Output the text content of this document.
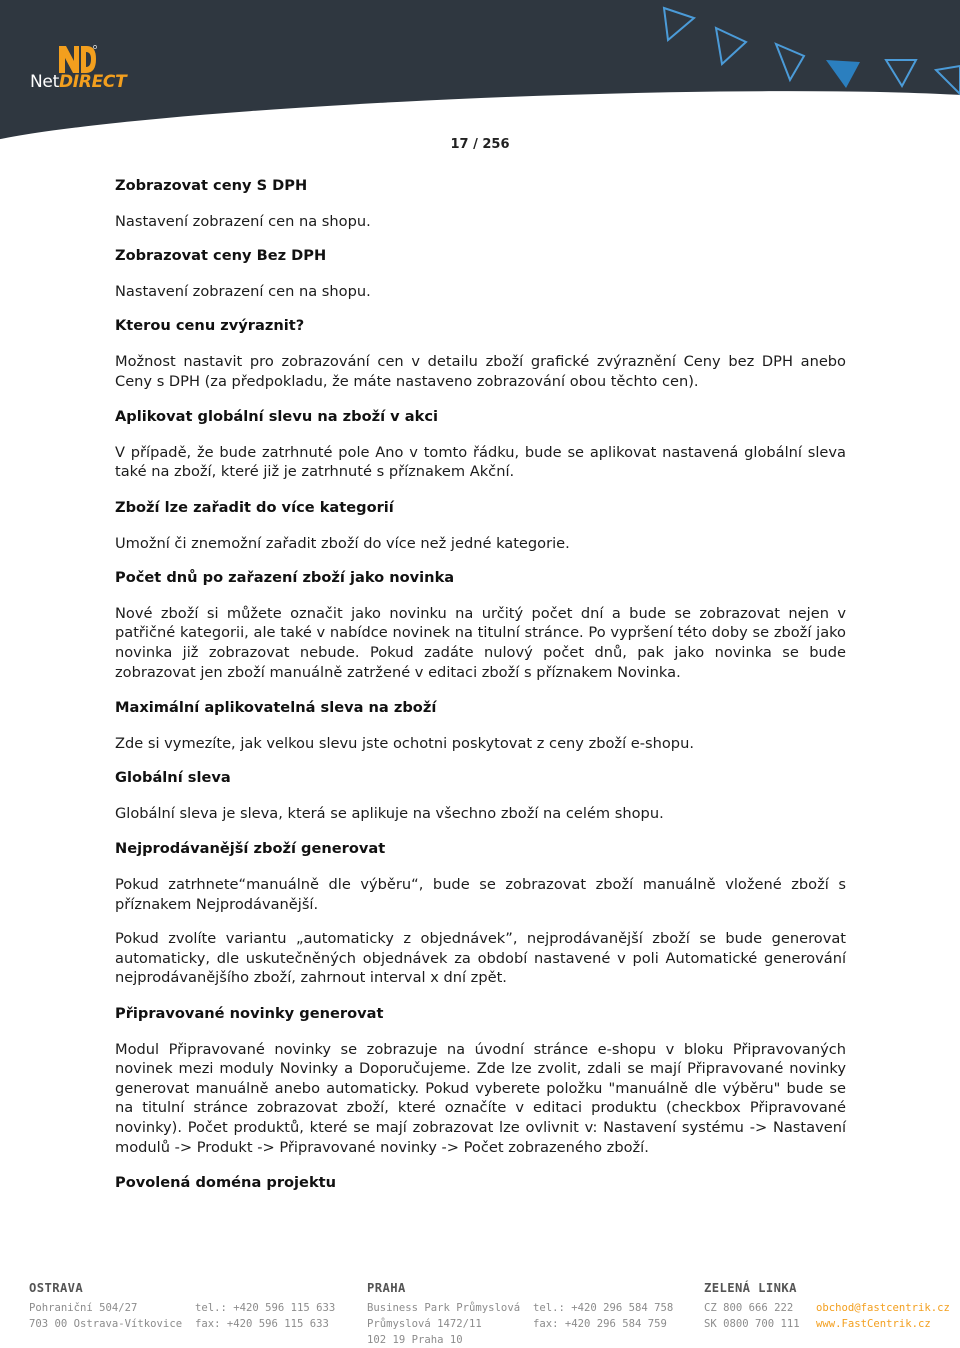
NetDIRECT
17 / 256
Zobrazovat ceny S DPH

Nastavení zobrazení cen na shopu.

Zobrazovat ceny Bez DPH

Nastavení zobrazení cen na shopu.

Kterou cenu zvýraznit?

Možnost nastavit pro zobrazování cen v detailu zboží grafické zvýraznění Ceny bez DPH anebo Ceny s DPH (za předpokladu, že máte nastaveno zobrazování obou těchto cen).

Aplikovat globální slevu na zboží v akci

V případě, že bude zatrhnuté pole Ano v tomto řádku, bude se aplikovat nastavená globální sleva také na zboží, které již je zatrhnuté s příznakem Akční.

Zboží lze zařadit do více kategorií

Umožní či znemožní zařadit zboží do více než jedné kategorie.

Počet dnů po zařazení zboží jako novinka

Nové zboží si můžete označit jako novinku na určitý počet dní a bude se zobrazovat nejen v patřičné kategorii, ale také v nabídce novinek na titulní stránce. Po vypršení této doby se zboží jako novinka již zobrazovat nebude. Pokud zadáte nulový počet dnů, pak jako novinka se bude zobrazovat jen zboží manuálně zatržené v editaci zboží s příznakem Novinka.

Maximální aplikovatelná sleva na zboží

Zde si vymezíte, jak velkou slevu jste ochotni poskytovat z ceny zboží e-shopu.

Globální sleva

Globální sleva je sleva, která se aplikuje na všechno zboží na celém shopu.

Nejprodávanější zboží generovat

Pokud zatrhnete“manuálně dle výběru“, bude se zobrazovat zboží manuálně vložené zboží s příznakem Nejprodávanější.

Pokud zvolíte variantu „automaticky z objednávek”, nejprodávanější zboží se bude generovat automaticky, dle uskutečněných objednávek za období nastavené v poli Automatické generování nejprodávanějšího zboží, zahrnout interval x dní zpět.

Připravované novinky generovat

Modul Připravované novinky se zobrazuje na úvodní stránce e-shopu v bloku Připravovaných novinek mezi moduly Novinky a Doporučujeme. Zde lze zvolit, zdali se mají Připravované novinky generovat manuálně anebo automaticky. Pokud vyberete položku "manuálně dle výběru" bude se na titulní stránce zobrazovat zboží, které označíte v editaci produktu (checkbox Připravované novinky). Počet produktů, které se mají zobrazovat lze ovlivnit v: Nastavení systému -> Nastavení modulů -> Produkt -> Připravované novinky -> Počet zobrazeného zboží.

Povolená doména projektu
OSTRAVA
Pohraniční 504/27
703 00 Ostrava-Vítkovice

tel.: +420 596 115 633
fax: +420 596 115 633
PRAHA
Business Park Průmyslová
Průmyslová 1472/11
102 19 Praha 10

tel.: +420 296 584 758
fax: +420 296 584 759
ZELENÁ LINKA
CZ 800 666 222
SK 0800 700 111

obchod@fastcentrik.cz
www.FastCentrik.cz
